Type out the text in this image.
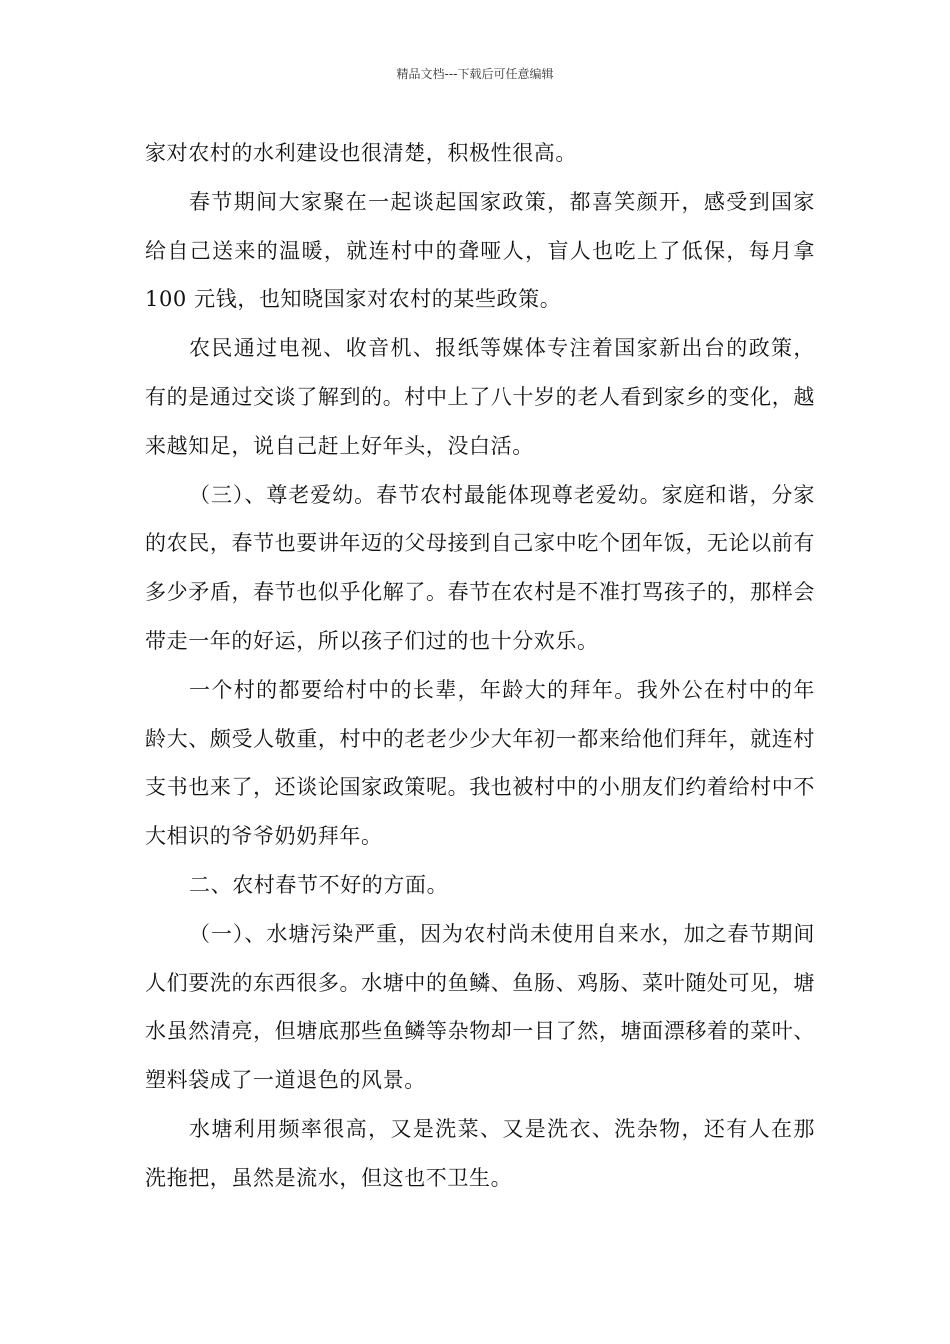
精品文档---下载后可任意编辑

家对农村的水利建设也很清楚，积极性很高。

春节期间大家聚在一起谈起国家政策，都喜笑颜开，感受到国家给自己送来的温暖，就连村中的聋哑人，盲人也吃上了低保，每月拿 100 元钱，也知晓国家对农村的某些政策。

农民通过电视、收音机、报纸等媒体专注着国家新出台的政策，有的是通过交谈了解到的。村中上了八十岁的老人看到家乡的变化，越来越知足，说自己赶上好年头，没白活。

（三）、尊老爱幼。春节农村最能体现尊老爱幼。家庭和谐，分家的农民，春节也要讲年迈的父母接到自己家中吃个团年饭，无论以前有多少矛盾，春节也似乎化解了。春节在农村是不准打骂孩子的，那样会带走一年的好运，所以孩子们过的也十分欢乐。

一个村的都要给村中的长辈，年龄大的拜年。我外公在村中的年龄大、颇受人敬重，村中的老老少少大年初一都来给他们拜年，就连村支书也来了，还谈论国家政策呢。我也被村中的小朋友们约着给村中不大相识的爷爷奶奶拜年。

二、农村春节不好的方面。

（一）、水塘污染严重，因为农村尚未使用自来水，加之春节期间人们要洗的东西很多。水塘中的鱼鳞、鱼肠、鸡肠、菜叶随处可见，塘水虽然清亮，但塘底那些鱼鳞等杂物却一目了然，塘面漂移着的菜叶、塑料袋成了一道退色的风景。

水塘利用频率很高，又是洗菜、又是洗衣、洗杂物，还有人在那洗拖把，虽然是流水，但这也不卫生。
